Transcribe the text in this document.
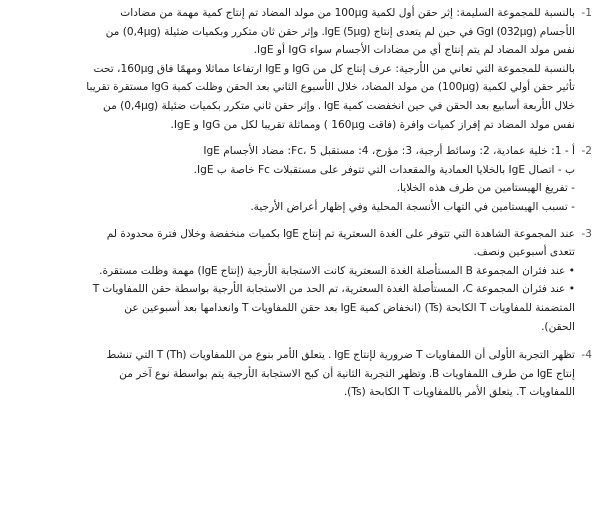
1-
بالنسبة للمجموعة السليمة: إثر حقن أول لكمية 100μg من مولد المضاد تم إنتاج كمية مهمة من مضادات
الأجسام GgI (032μg) في حين لم يتعدى إنتاج IgE (5μg). وإثر حقن ثان متكرر وبكميات ضئيلة (0,4μg) من
نفس مولد المضاد لم يتم إنتاج أي من مضادات الأجسام سواء IgG أو IgE.
بالنسبة للمجموعة التي تعاني من الأرجية: عرف إنتاج كل من IgG و IgE ارتفاعا مماثلا ومهمًا فاق 160μg، تحت
تأثير حقن أولي لكمية (100μg) من مولد المضاد، خلال الأسبوع الثاني بعد الحقن وظلت كمية IgG مستقرة تقريبا
خلال الأربعة أسابيع بعد الحقن في حين انخفضت كمية IgE . وإثر حقن ثاني متكرر بكميات ضئيلة (0,4μg) من
نفس مولد المضاد تم إفراز كميات وافرة (فاقت 160μg ) ومماثلة تقريبا لكل من IgG و IgE.
2-
أ - 1: خلية عمادية، 2: وسائط أرجية، 3: مؤرج، 4: مستقبل Fc، 5: مضاد الأجسام IgE
ب - اتصال IgE بالخلايا العمادية والمقعدات التي تتوفر على مستقبلات Fc خاصة ب IgE.
- تفريغ الهيستامين من طرف هذه الخلايا.
- تسبب الهيستامين في التهاب الأنسجة المحلية وفي إظهار أعراض الأرجية.
3-
عند المجموعة الشاهدة التي تتوفر على الغدة السعترية تم إنتاج IgE بكميات منخفضة وخلال فترة محدودة لم
تتعدى أسبوعين ونصف.
• عند فئران المجموعة B المستأصلة الغدة السعترية كانت الاستجابة الأرجية (إنتاج IgE) مهمة وظلت مستقرة.
• عند فئران المجموعة C، المستأصلة الغدة السعترية، تم الحد من الاستجابة الأرجية بواسطة حقن اللمفاويات T
المتضمنة للمفاويات T الكابحة (Ts) (انخفاض كمية IgE بعد حقن اللمفاويات T وانعدامها بعد أسبوعين عن
الحقن).
4-
تظهر التجربة الأولى أن اللمفاويات T ضرورية لإنتاج IgE . يتعلق الأمر بنوع من اللمفاويات T (Th) التي تنشط
إنتاج IgE من طرف اللمفاويات B. وتظهر التجربة الثانية أن كبح الاستجابة الأرجية يتم بواسطة نوع آخر من
اللمفاويات T. يتعلق الأمر باللمفاويات T الكابحة (Ts).
